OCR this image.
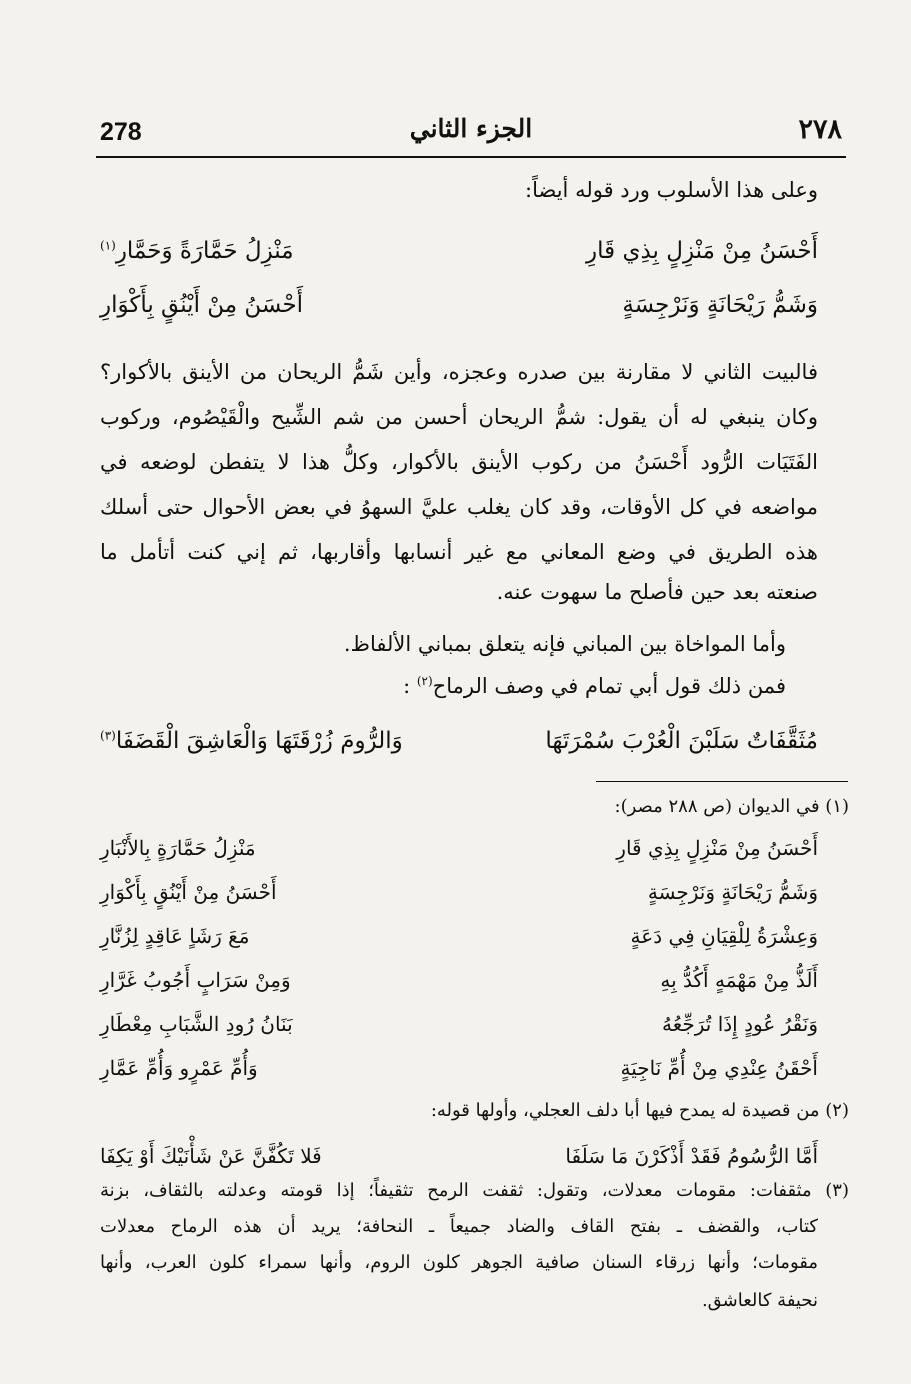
278	الجزء الثاني	٢٧٨
وعلى هذا الأسلوب ورد قوله أيضاً:
أَحْسَنُ مِنْ مَنْزِلٍ بِذِي قَارِ
مَنْزِلُ حَمَّارَةً وَحَمَّارِ$^{(١)}$
وَشَمُّ رَيْحَانَةٍ وَنَرْجِسَةٍ
أَحْسَنُ مِنْ أَيْنُقٍ بِأَكْوَارِ
فالبيت الثاني لا مقارنة بين صدره وعجزه، وأين شَمُّ الريحان من الأينق بالأكوار؟
وكان ينبغي له أن يقول: شمُّ الريحان أحسن من شم الشِّيح والْقَيْصُوم، وركوب
الفَتَيَات الرُّود أَحْسَنُ من ركوب الأينق بالأكوار، وكلُّ هذا لا يتفطن لوضعه في
مواضعه في كل الأوقات، وقد كان يغلب عليَّ السهوُ في بعض الأحوال حتى أسلك
هذه الطريق في وضع المعاني مع غير أنسابها وأقاربها، ثم إني كنت أتأمل ما
صنعته بعد حين فأصلح ما سهوت عنه.
وأما المواخاة بين المباني فإنه يتعلق بمباني الألفاظ.
فمن ذلك قول أبي تمام في وصف الرماح$^{(٢)}$ :
مُثَقَّفَاتٌ سَلَبْنَ الْعُرْبَ سُمْرَتَهَا
وَالرُّومَ زُرْقَتَهَا وَالْعَاشِقَ الْقَضَفَا$^{(٣)}$
(١) في الديوان (ص ٢٨٨ مصر):
أَحْسَنُ مِنْ مَنْزِلٍ بِذِي قَارِ
مَنْزِلُ حَمَّارَةٍ بِالأَنْبَارِ
وَشَمُّ رَيْحَانَةٍ وَنَرْجِسَةٍ
أَحْسَنُ مِنْ أَيْنُقٍ بِأَكْوَارِ
وَعِشْرَةُ لِلْقِيَانِ فِي دَعَةٍ
مَعَ رَشَاٍ عَاقِدٍ لِزُنَّارِ
أَلَذُّ مِنْ مَهْمَهٍ أَكُدُّ بِهِ
وَمِنْ سَرَابٍ أَجُوبُ غَرَّارِ
وَنَقْرُ عُودٍ إِذَا تُرَجِّعُهُ
بَنَانُ رُودِ الشَّبَابِ مِعْطَارِ
أَحْقَنُ عِنْدِي مِنْ أُمِّ نَاجِيَةٍ
وَأُمِّ عَمْرٍو وَأُمِّ عَمَّارِ
(٢) من قصيدة له يمدح فيها أبا دلف العجلي، وأولها قوله:
أَمَّا الرُّسُومُ فَقَدْ أَذْكَرْنَ مَا سَلَفَا
فَلا تَكُفَّنَّ عَنْ شَأْنَيْكَ أَوْ يَكِفَا
(٣) مثقفات: مقومات معدلات، وتقول: ثقفت الرمح تثقيفاً؛ إذا قومته وعدلته بالثقاف، بزنة
كتاب، والقضف ـ بفتح القاف والضاد جميعاً ـ النحافة؛ يريد أن هذه الرماح معدلات
مقومات؛ وأنها زرقاء السنان صافية الجوهر كلون الروم، وأنها سمراء كلون العرب، وأنها
نحيفة كالعاشق.
